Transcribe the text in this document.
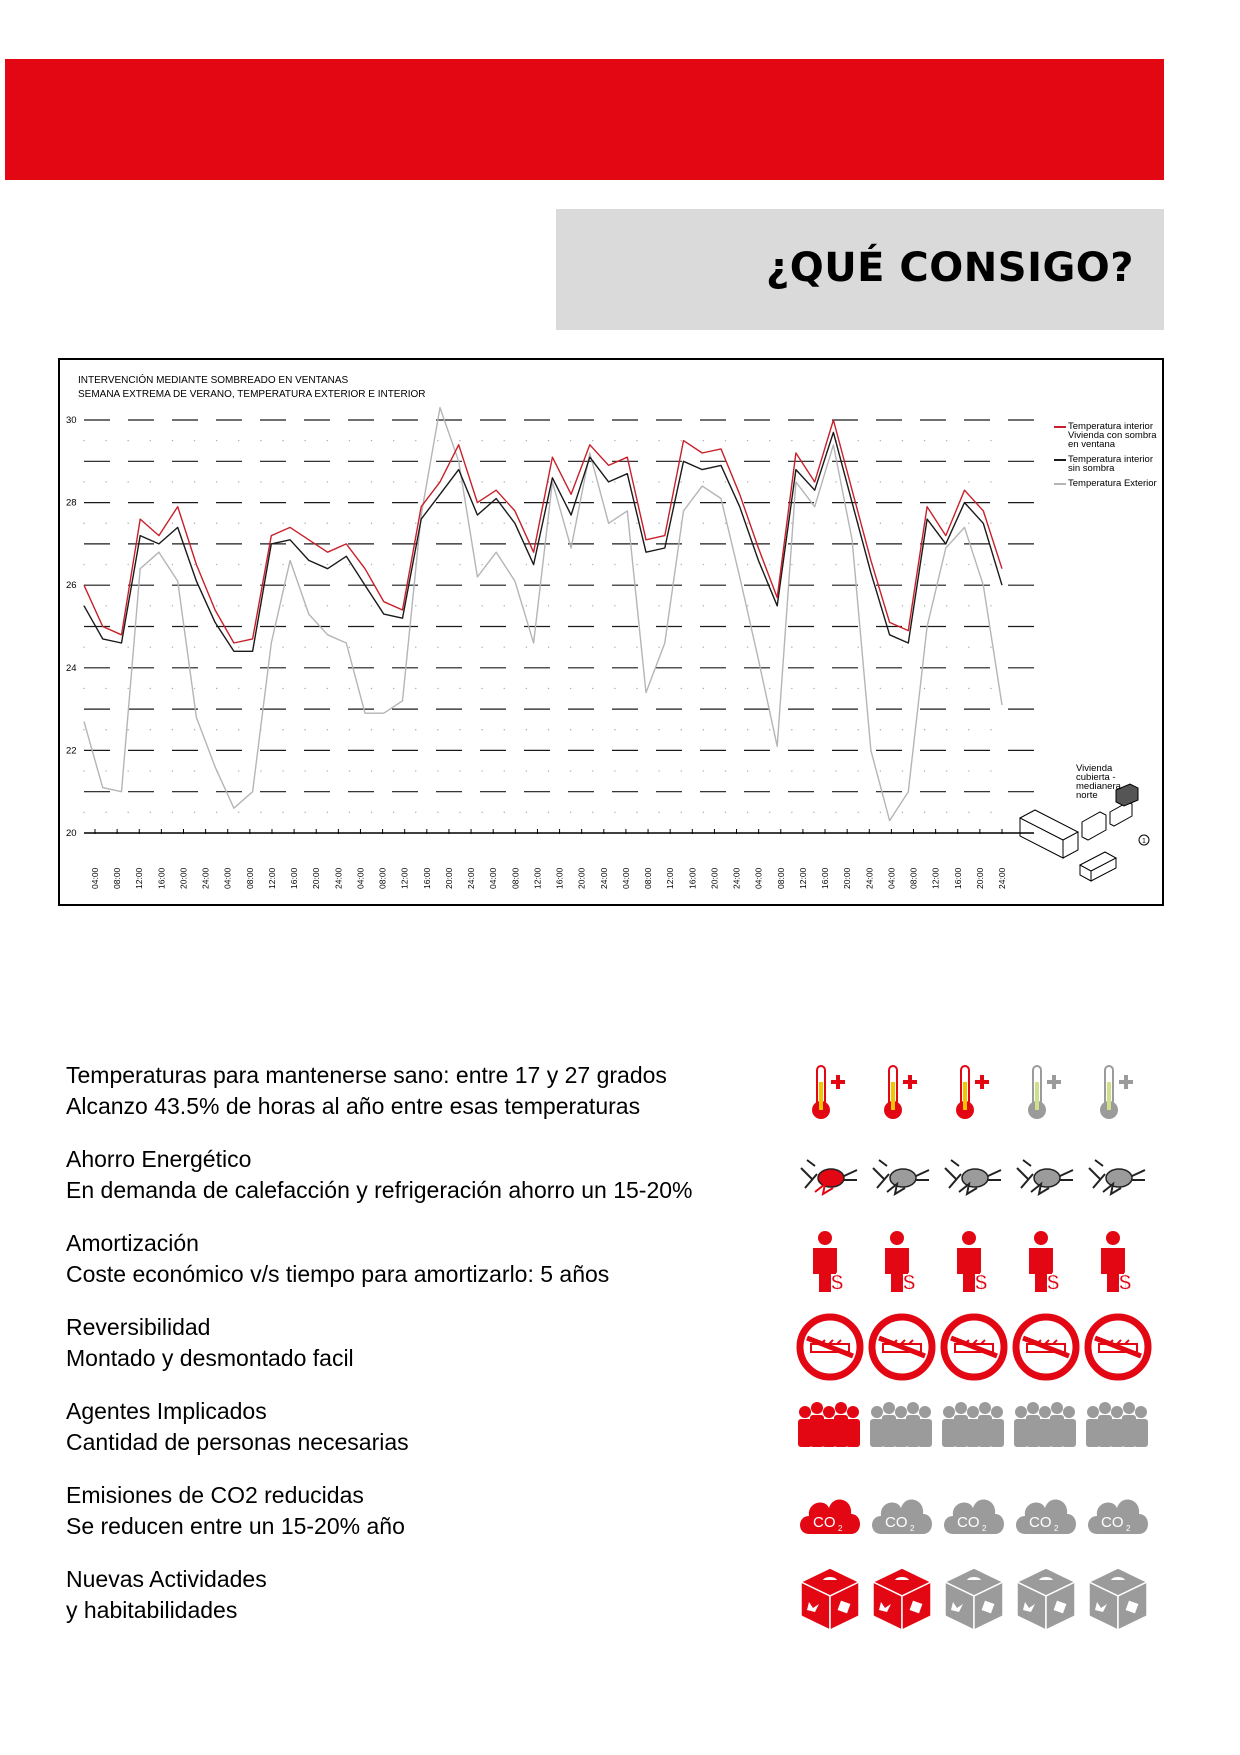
¿QUÉ CONSIGO?
INTERVENCIÓN MEDIANTE SOMBREADO EN VENTANAS
SEMANA EXTREMA DE VERANO, TEMPERATURA EXTERIOR E INTERIOR
30
28
26
24
22
20
04:00 08:00 12:00 16:00 20:00 24:00 04:00 08:00 12:00 16:00 20:00 24:00 04:00 08:00 12:00 16:00 20:00 24:00 04:00 08:00 12:00 16:00 20:00 24:00 04:00 08:00 12:00 16:00 20:00 24:00 04:00 08:00 12:00 16:00 20:00 24:00 04:00 08:00 12:00 16:00 20:00 24:00
1
Temperatura interior Vivienda con sombra en ventana
Temperatura interior sin sombra
Temperatura Exterior
Vivienda cubierta - medianera norte
Temperaturas para mantenerse sano: entre 17 y 27 grados
Alcanzo 43.5% de horas al año entre esas temperaturas
Ahorro Energético
En demanda de calefacción y refrigeración ahorro un 15-20%
Amortización
Coste económico v/s tiempo para amortizarlo: 5 años	$	$	$	$	$
Reversibilidad
Montado y desmontado facil
Agentes Implicados
Cantidad de personas necesarias
Emisiones de CO2 reducidas
Se reducen entre un 15-20% año	CO 2	CO 2	CO 2	CO 2	CO 2
Nuevas Actividades
y habitabilidades
